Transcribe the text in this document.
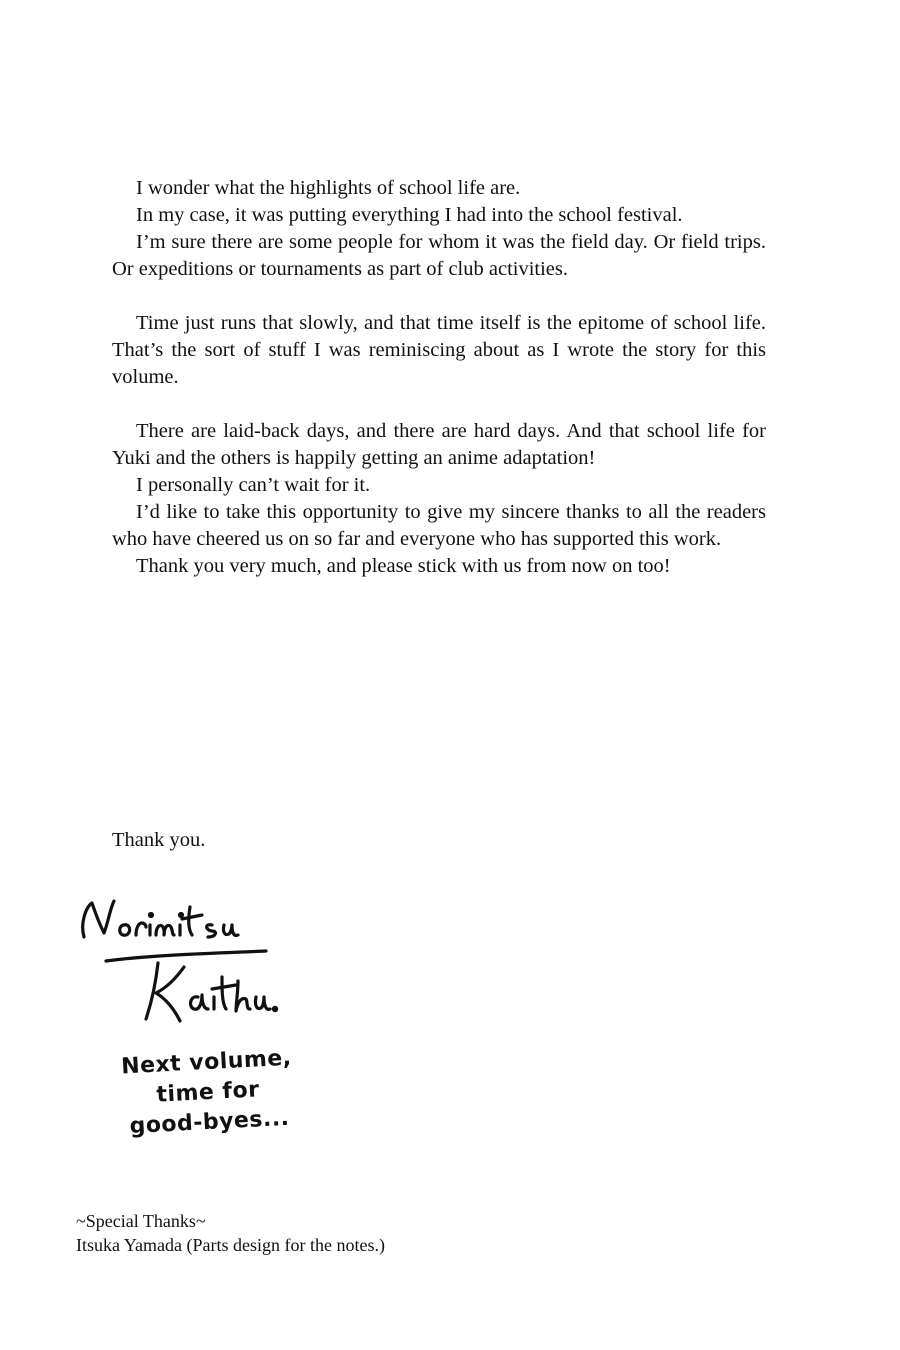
I wonder what the highlights of school life are.

In my case, it was putting everything I had into the school festival.

I’m sure there are some people for whom it was the field day. Or field trips. Or expeditions or tournaments as part of club activities.

Time just runs that slowly, and that time itself is the epitome of school life. That’s the sort of stuff I was reminiscing about as I wrote the story for this volume.

There are laid-back days, and there are hard days. And that school life for Yuki and the others is happily getting an anime adaptation!

I personally can’t wait for it.

I’d like to take this opportunity to give my sincere thanks to all the readers who have cheered us on so far and everyone who has supported this work.

Thank you very much, and please stick with us from now on too!

Thank you.
Next volume,
time for
good-byes...
~Special Thanks~
Itsuka Yamada (Parts design for the notes.)
